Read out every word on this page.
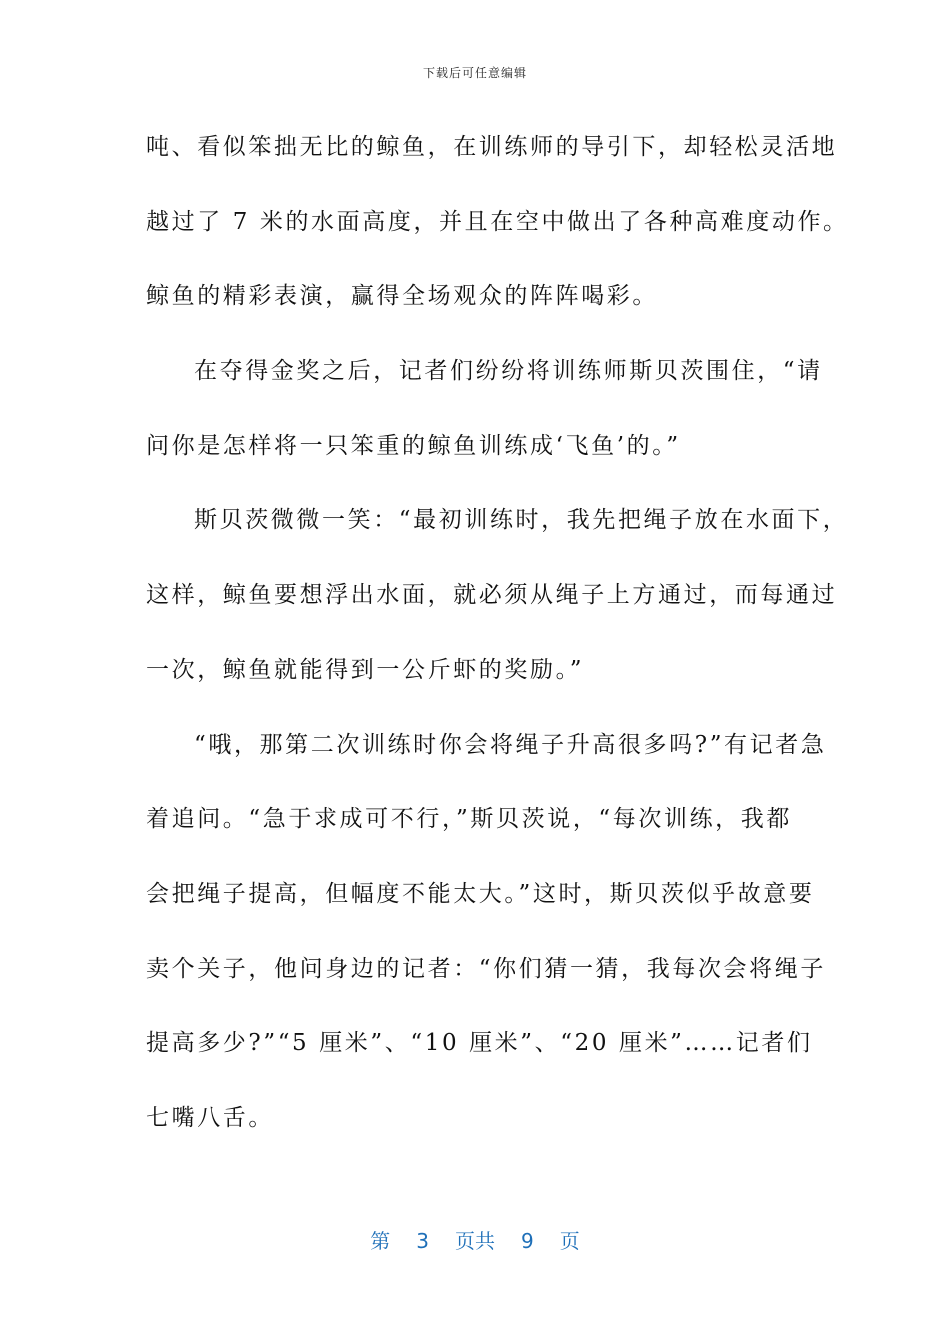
下载后可任意编辑
吨、看似笨拙无比的鲸鱼，在训练师的导引下，却轻松灵活地
越过了 7 米的水面高度，并且在空中做出了各种高难度动作。
鲸鱼的精彩表演，赢得全场观众的阵阵喝彩。
在夺得金奖之后，记者们纷纷将训练师斯贝茨围住，“请
问你是怎样将一只笨重的鲸鱼训练成‘飞鱼’的。”
斯贝茨微微一笑：“最初训练时，我先把绳子放在水面下，
这样，鲸鱼要想浮出水面，就必须从绳子上方通过，而每通过
一次，鲸鱼就能得到一公斤虾的奖励。”
“哦，那第二次训练时你会将绳子升高很多吗?”有记者急
着追问。“急于求成可不行，”斯贝茨说，“每次训练，我都
会把绳子提高，但幅度不能太大。”这时，斯贝茨似乎故意要
卖个关子，他问身边的记者：“你们猜一猜，我每次会将绳子
提高多少?”“5 厘米”、“10 厘米”、“20 厘米”……记者们
七嘴八舌。
第 3 页共 9 页
